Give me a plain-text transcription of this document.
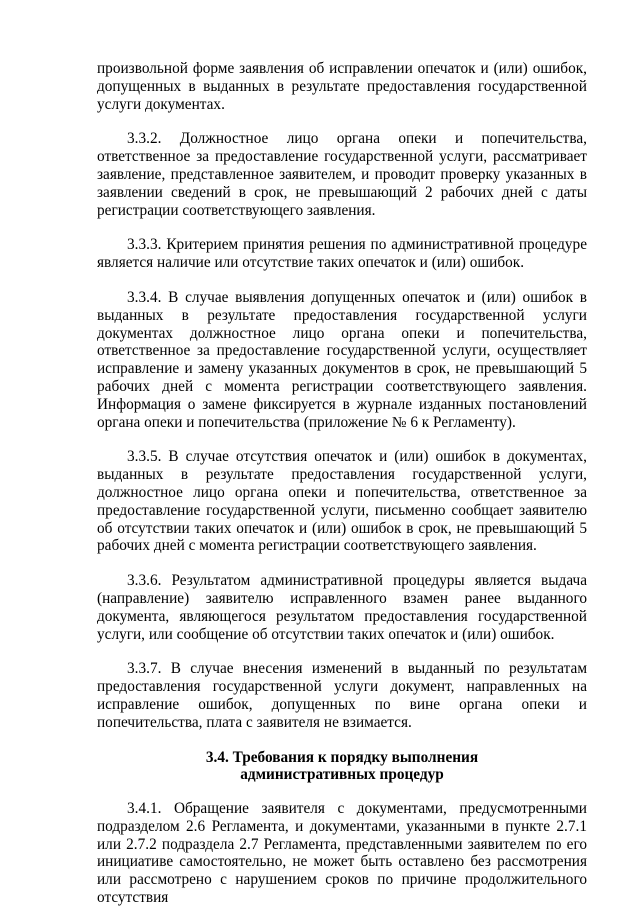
произвольной форме заявления об исправлении опечаток и (или) ошибок, допущенных в выданных в результате предоставления государственной услуги документах.

3.3.2. Должностное лицо органа опеки и попечительства, ответственное за предоставление государственной услуги, рассматривает заявление, представленное заявителем, и проводит проверку указанных в заявлении сведений в срок, не превышающий 2 рабочих дней с даты регистрации соответствующего заявления.

3.3.3. Критерием принятия решения по административной процедуре является наличие или отсутствие таких опечаток и (или) ошибок.

3.3.4. В случае выявления допущенных опечаток и (или) ошибок в выданных в результате предоставления государственной услуги документах должностное лицо органа опеки и попечительства, ответственное за предоставление государственной услуги, осуществляет исправление и замену указанных документов в срок, не превышающий 5 рабочих дней с момента регистрации соответствующего заявления. Информация о замене фиксируется в журнале изданных постановлений органа опеки и попечительства (приложение № 6 к Регламенту).

3.3.5. В случае отсутствия опечаток и (или) ошибок в документах, выданных в результате предоставления государственной услуги, должностное лицо органа опеки и попечительства, ответственное за предоставление государственной услуги, письменно сообщает заявителю об отсутствии таких опечаток и (или) ошибок в срок, не превышающий 5 рабочих дней с момента регистрации соответствующего заявления.

3.3.6. Результатом административной процедуры является выдача (направление) заявителю исправленного взамен ранее выданного документа, являющегося результатом предоставления государственной услуги, или сообщение об отсутствии таких опечаток и (или) ошибок.

3.3.7. В случае внесения изменений в выданный по результатам предоставления государственной услуги документ, направленных на исправление ошибок, допущенных по вине органа опеки и попечительства, плата с заявителя не взимается.

3.4. Требования к порядку выполнения
административных процедур

3.4.1. Обращение заявителя с документами, предусмотренными подразделом 2.6 Регламента, и документами, указанными в пункте 2.7.1 или 2.7.2 подраздела 2.7 Регламента, представленными заявителем по его инициативе самостоятельно, не может быть оставлено без рассмотрения или рассмотрено с нарушением сроков по причине продолжительного отсутствия
